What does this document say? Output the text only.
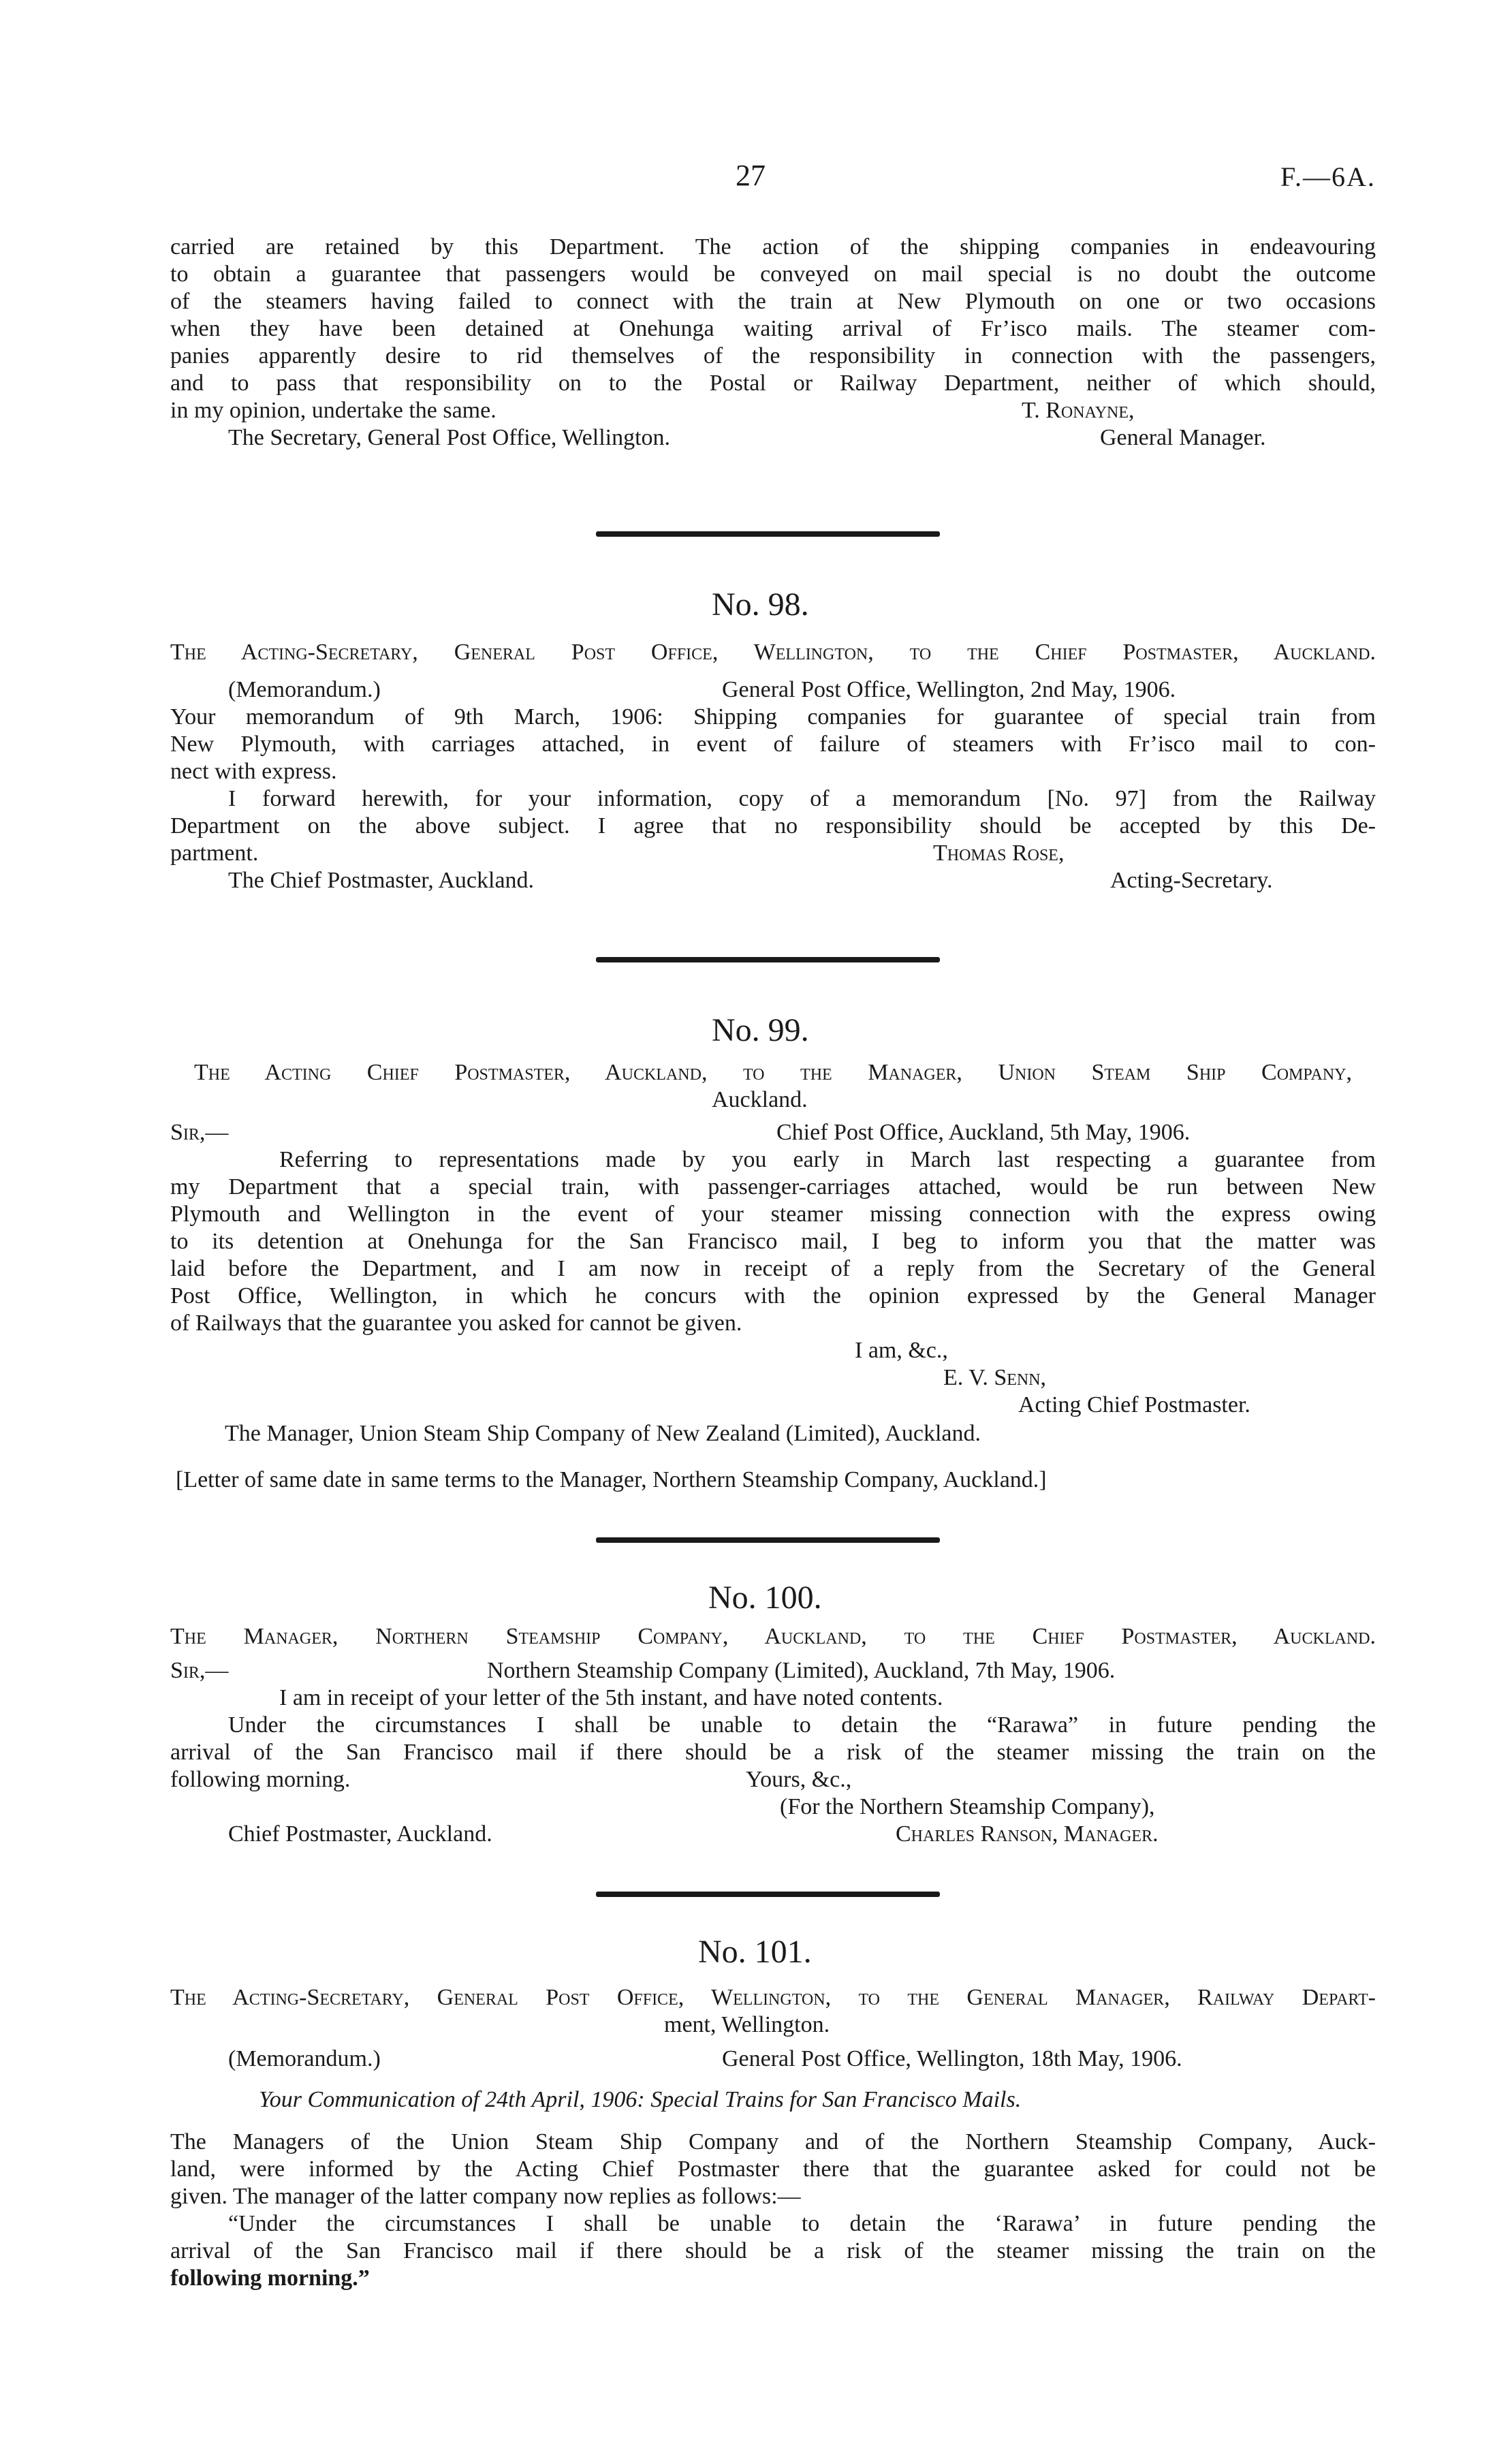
27	F.—6A.
carried are retained by this Department. The action of the shipping companies in endeavouring
to obtain a guarantee that passengers would be conveyed on mail special is no doubt the outcome
of the steamers having failed to connect with the train at New Plymouth on one or two occasions
when they have been detained at Onehunga waiting arrival of Fr’isco mails. The steamer com-
panies apparently desire to rid themselves of the responsibility in connection with the passengers,
and to pass that responsibility on to the Postal or Railway Department, neither of which should,
in my opinion, undertake the same.	T. Ronayne,
The Secretary, General Post Office, Wellington.	General Manager.
No. 98.
The Acting-Secretary, General Post Office, Wellington, to the Chief Postmaster, Auckland.
(Memorandum.)	General Post Office, Wellington, 2nd May, 1906.
Your memorandum of 9th March, 1906: Shipping companies for guarantee of special train from
New Plymouth, with carriages attached, in event of failure of steamers with Fr’isco mail to con-
nect with express.
I forward herewith, for your information, copy of a memorandum [No. 97] from the Railway
Department on the above subject. I agree that no responsibility should be accepted by this De-
partment.	Thomas Rose,
The Chief Postmaster, Auckland.	Acting-Secretary.
No. 99.
The Acting Chief Postmaster, Auckland, to the Manager, Union Steam Ship Company,
Auckland.
Sir,—	Chief Post Office, Auckland, 5th May, 1906.
Referring to representations made by you early in March last respecting a guarantee from
my Department that a special train, with passenger-carriages attached, would be run between New
Plymouth and Wellington in the event of your steamer missing connection with the express owing
to its detention at Onehunga for the San Francisco mail, I beg to inform you that the matter was
laid before the Department, and I am now in receipt of a reply from the Secretary of the General
Post Office, Wellington, in which he concurs with the opinion expressed by the General Manager
of Railways that the guarantee you asked for cannot be given.
I am, &c.,
E. V. Senn,
Acting Chief Postmaster.
The Manager, Union Steam Ship Company of New Zealand (Limited), Auckland.
[Letter of same date in same terms to the Manager, Northern Steamship Company, Auckland.]
No. 100.
The Manager, Northern Steamship Company, Auckland, to the Chief Postmaster, Auckland.
Sir,—	Northern Steamship Company (Limited), Auckland, 7th May, 1906.
I am in receipt of your letter of the 5th instant, and have noted contents.
Under the circumstances I shall be unable to detain the “Rarawa” in future pending the
arrival of the San Francisco mail if there should be a risk of the steamer missing the train on the
following morning.	Yours, &c.,
(For the Northern Steamship Company),
Chief Postmaster, Auckland.	Charles Ranson, Manager.
No. 101.
The Acting-Secretary, General Post Office, Wellington, to the General Manager, Railway Depart-
ment, Wellington.
(Memorandum.)	General Post Office, Wellington, 18th May, 1906.
Your Communication of 24th April, 1906: Special Trains for San Francisco Mails.
The Managers of the Union Steam Ship Company and of the Northern Steamship Company, Auck-
land, were informed by the Acting Chief Postmaster there that the guarantee asked for could not be
given. The manager of the latter company now replies as follows:—
“Under the circumstances I shall be unable to detain the ‘Rarawa’ in future pending the
arrival of the San Francisco mail if there should be a risk of the steamer missing the train on the
following morning.”
